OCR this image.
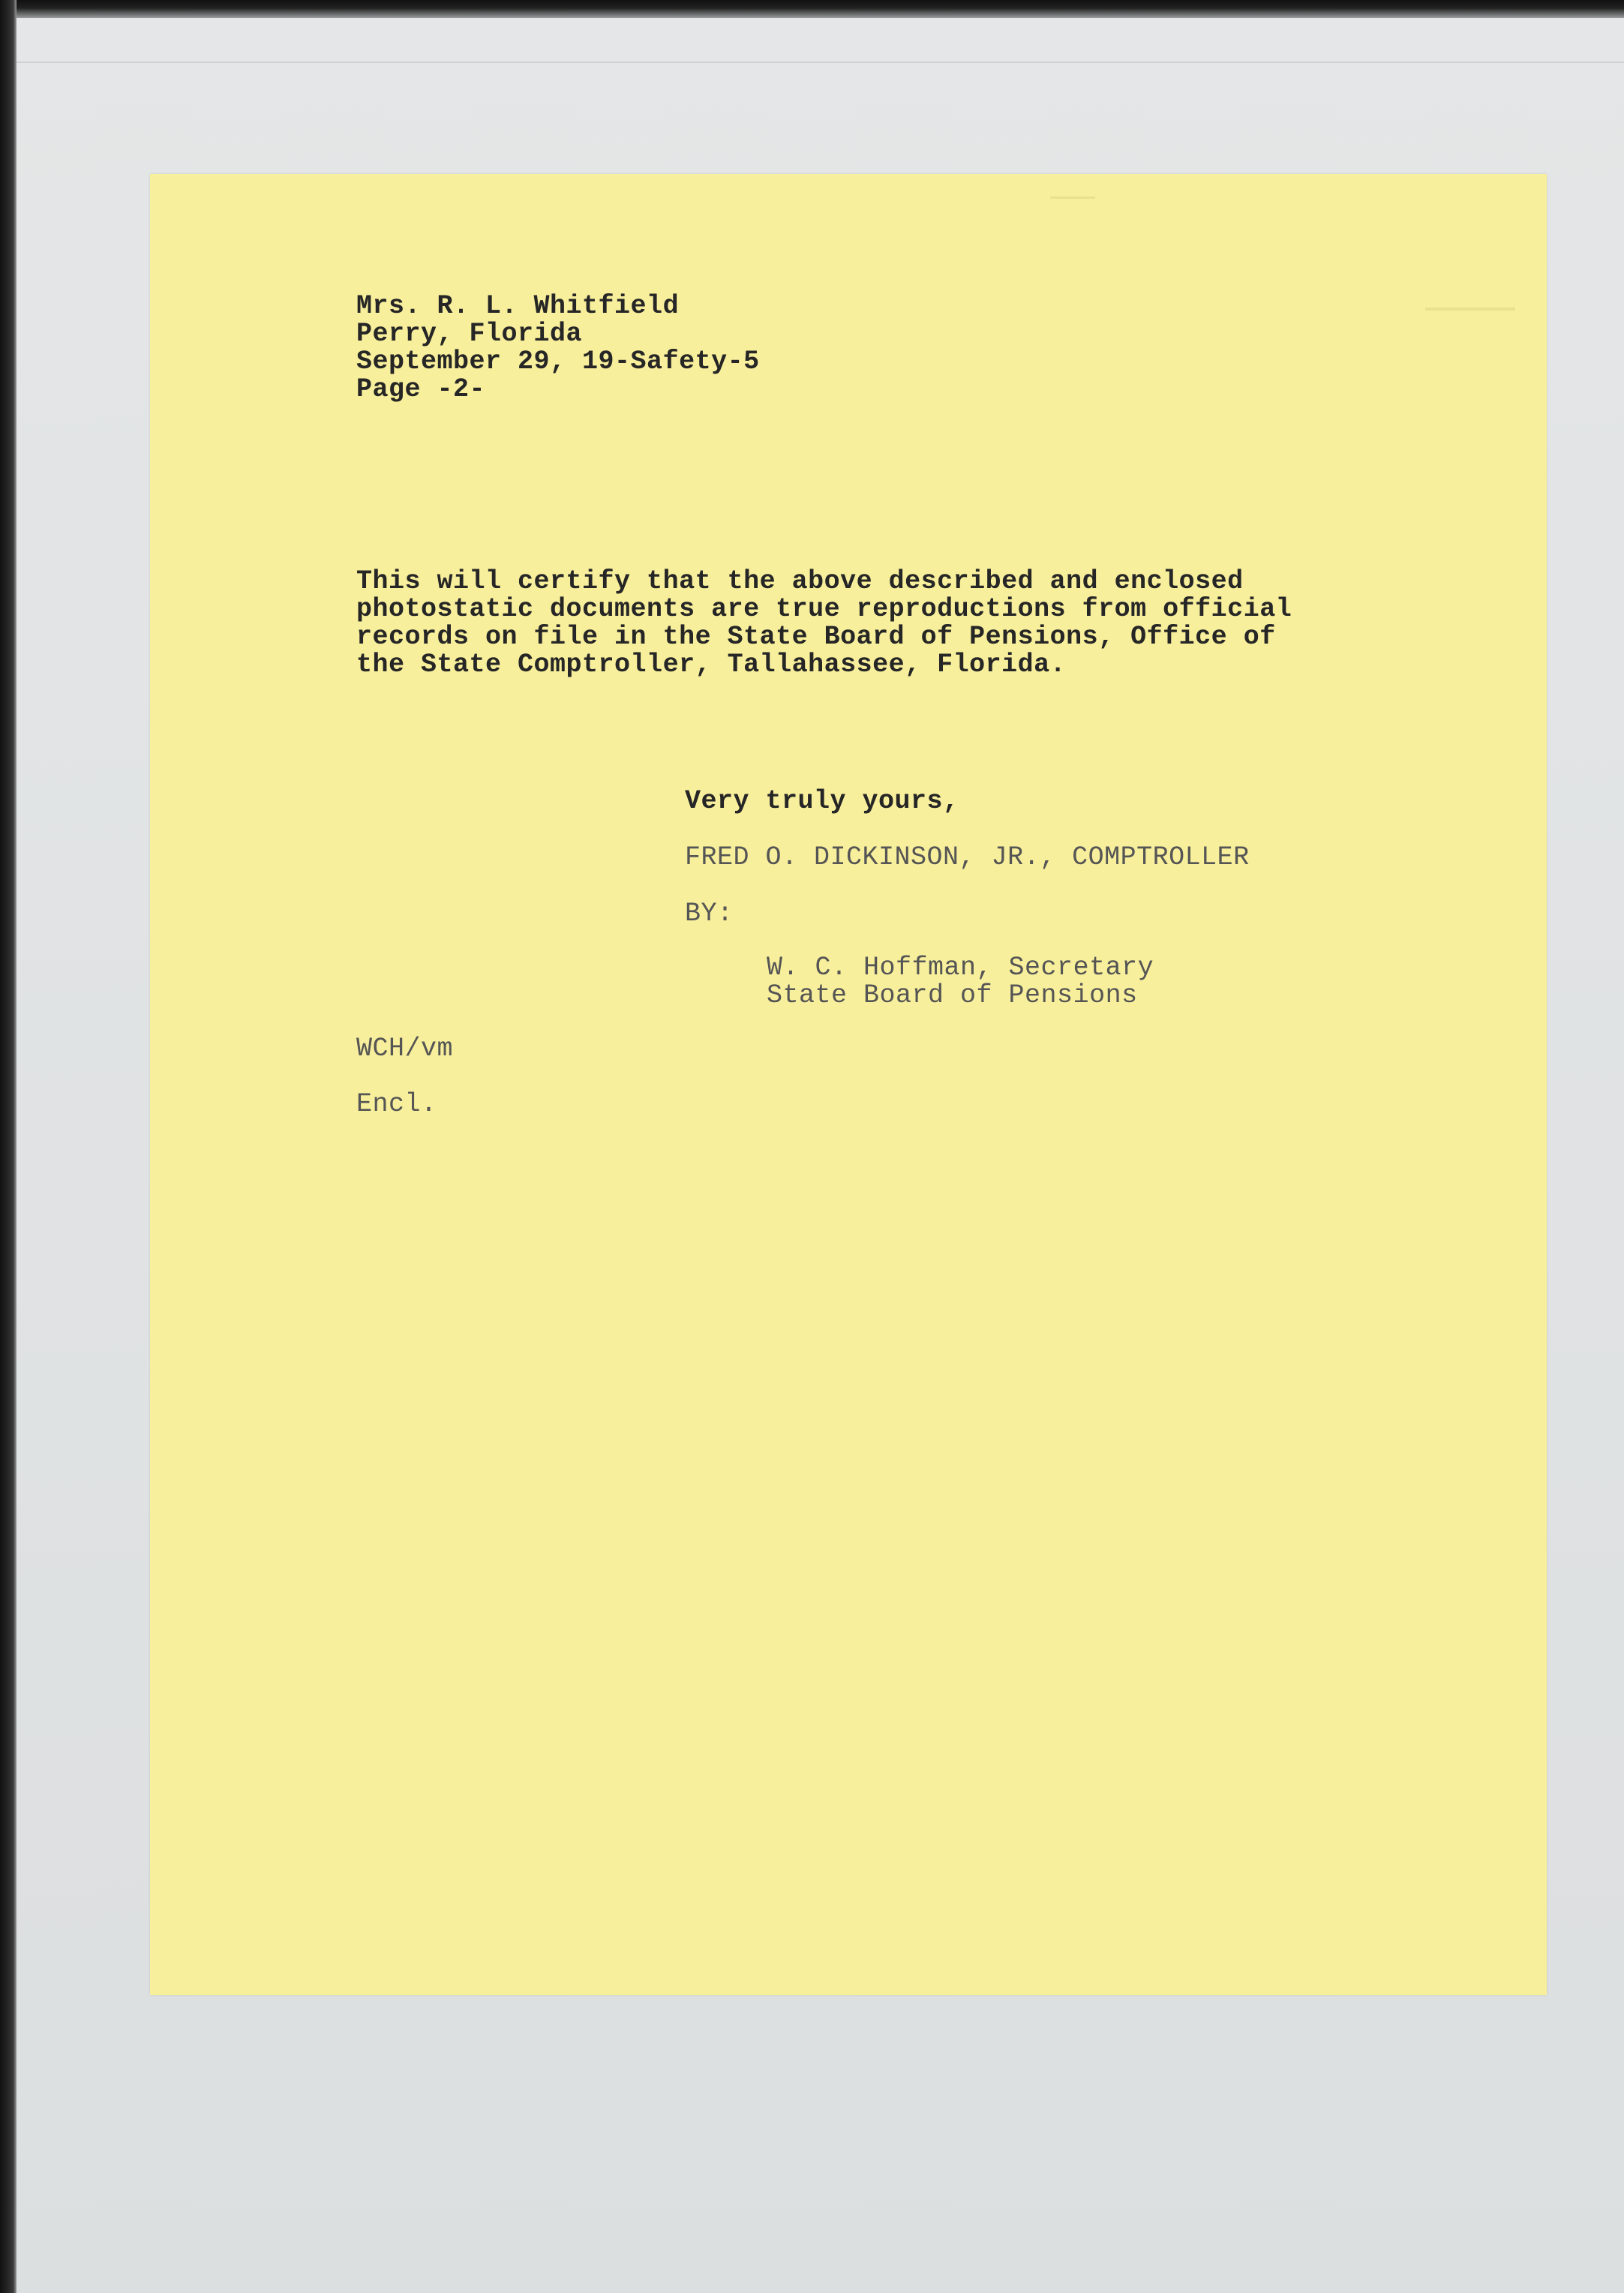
Mrs. R. L. Whitfield
Perry, Florida
September 29, 19-Safety-5
Page -2-
This will certify that the above described and enclosed
photostatic documents are true reproductions from official
records on file in the State Board of Pensions, Office of
the State Comptroller, Tallahassee, Florida.
Very truly yours,
FRED O. DICKINSON, JR., COMPTROLLER
BY:
W. C. Hoffman, Secretary
State Board of Pensions
WCH/vm
Encl.
